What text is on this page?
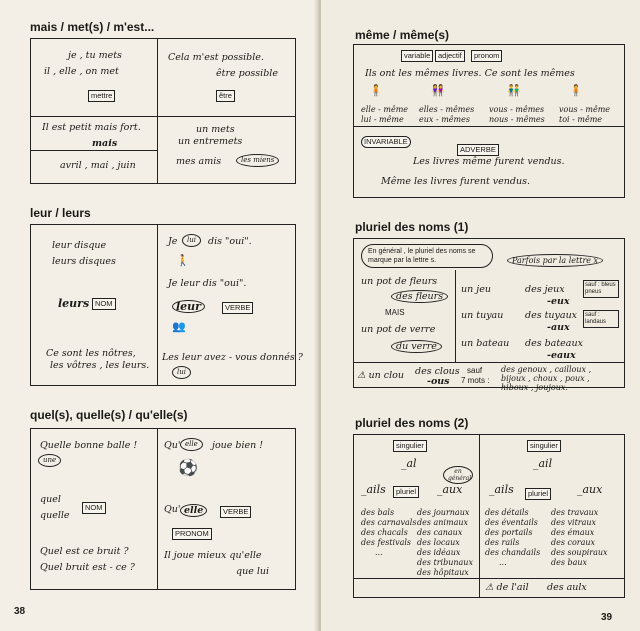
mais / met(s) / m'est...
je , tu mets
il , elle , on met
mettre
Cela m'est possible.
être possible
être
Il est petit mais fort.
mais
avril , mai , juin
un mets
un entremets
mes amis	les miens
leur / leurs
leur disque
leurs disques
leurs NOM
Ce sont les nôtres,
les vôtres , les leurs.
Je	lui	dis "oui".
🚶
Je leur dis "oui".
leur	VERBE
👥
Les leur avez - vous donnés ?
lui
quel(s), quelle(s) / qu'elle(s)
Quelle bonne balle !
une
quel
quelle
NOM
Quel est ce bruit ?
Quel bruit est - ce ?
Qu' elle	joue bien !
⚽
Qu' elle	VERBE
PRONOM
Il joue mieux qu'elle
que lui
38
même / même(s)
variable	adjectif	pronom
Ils ont les mêmes livres. Ce sont les mêmes
🧍	👭	👬	🧍
elle - même
lui - même
elles - mêmes
eux - mêmes
vous - mêmes
nous - mêmes
vous - même
toi - même
INVARIABLE
ADVERBE
Les livres même furent vendus.
Même les livres furent vendus.
pluriel des noms (1)
En général , le pluriel des noms se marque par la lettre s.	Parfois par la lettre x
un pot de fleurs
des fleurs
MAIS
un pot de verre
du verre
un jeu	des jeux
-eux
sauf : bleus pneus
un tuyau des tuyaux
-aux
sauf : landaus
un bateau des bateaux
-eaux
⚠ un clou des clous
-ous
sauf
7 mots :
des genoux , cailloux ,
bijoux , choux , poux ,
hiboux , joujoux.
pluriel des noms (2)
singulier	singulier
_al	_ail
en général
_ails	pluriel _aux _ails	pluriel	_aux
des bals
des carnavals
des chacals
des festivals
...
des journaux
des animaux
des canaux
des locaux
des idéaux
des tribunaux
des hôpitaux
des détails
des éventails
des portails
des rails
des chandails
...
des travaux
des vitraux
des émaux
des coraux
des soupiraux
des baux
⚠ de l'ail des aulx
39
